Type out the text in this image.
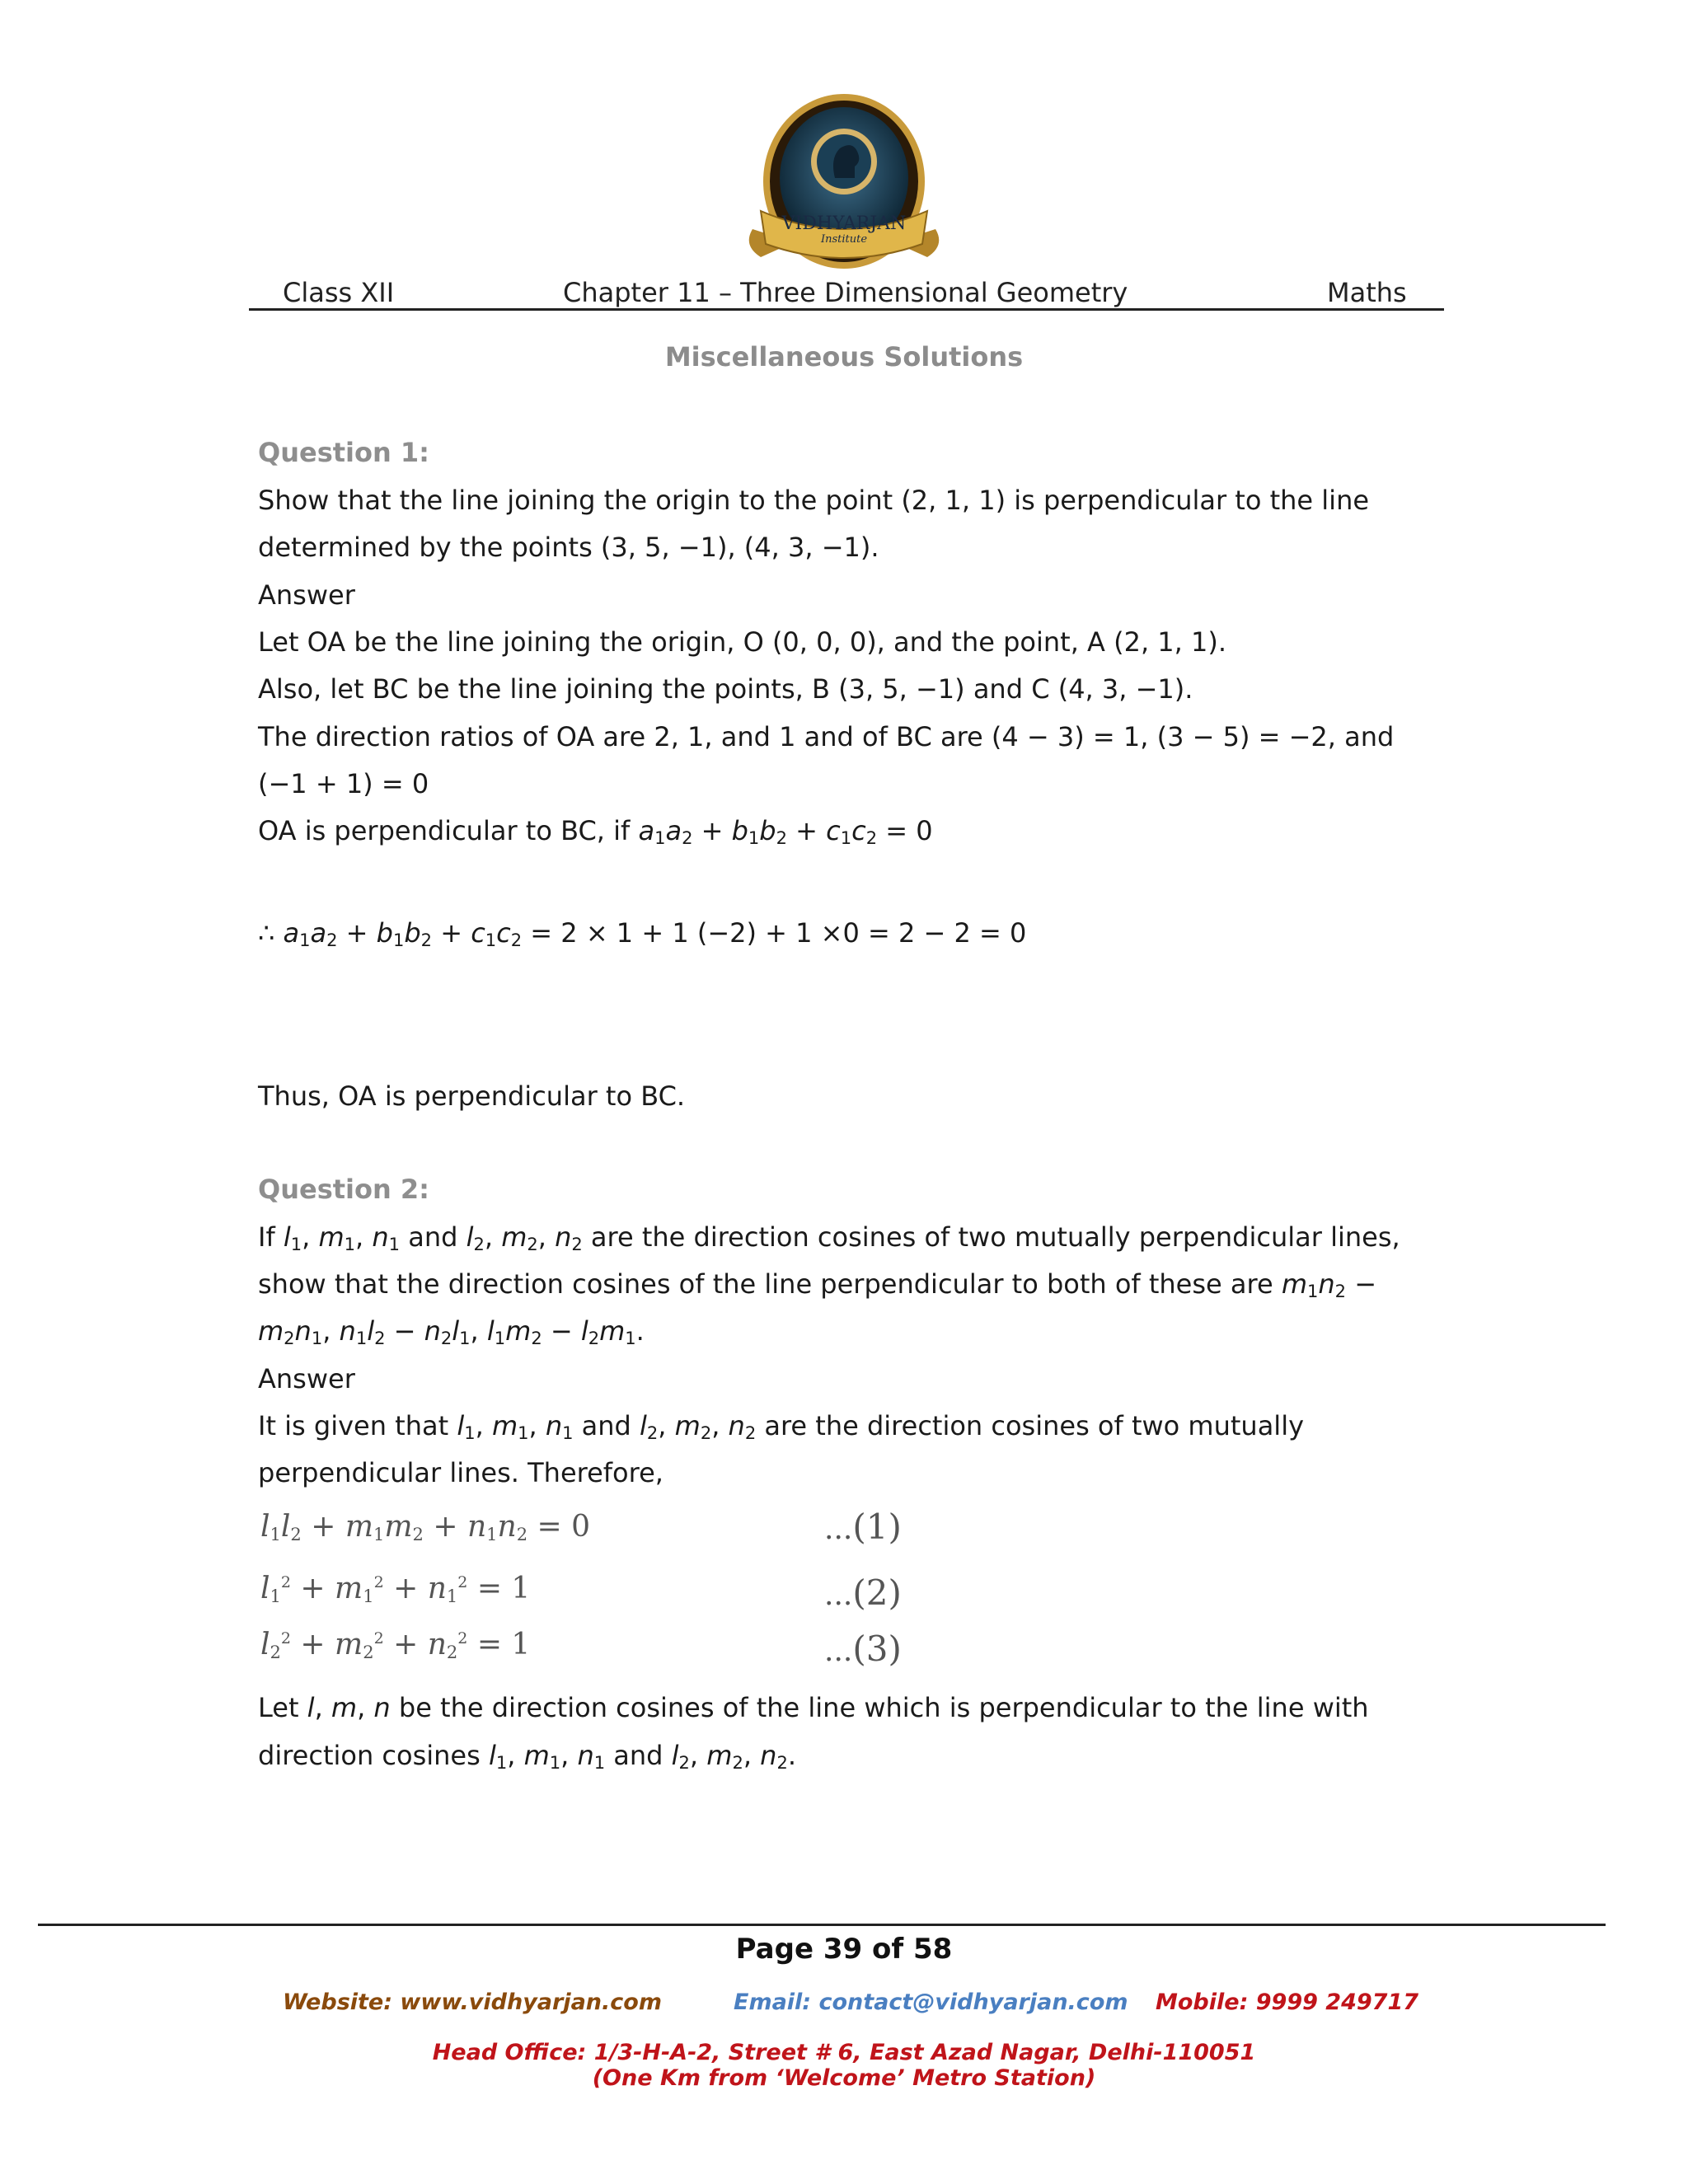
VIDHYARJAN
Institute
Class XII	Chapter 11 – Three Dimensional Geometry	Maths
Miscellaneous Solutions
Question 1:
Show that the line joining the origin to the point (2, 1, 1) is perpendicular to the line
determined by the points (3, 5, −1), (4, 3, −1).
Answer
Let OA be the line joining the origin, O (0, 0, 0), and the point, A (2, 1, 1).
Also, let BC be the line joining the points, B (3, 5, −1) and C (4, 3, −1).
The direction ratios of OA are 2, 1, and 1 and of BC are (4 − 3) = 1, (3 − 5) = −2, and
(−1 + 1) = 0
OA is perpendicular to BC, if $a_1a_2 + b_1b_2 + c_1c_2 = 0$
∴ $a_1a_2 + b_1b_2 + c_1c_2 = 2 \times 1 + 1$ (−2) + 1 ×0 = 2 − 2 = 0
Thus, OA is perpendicular to BC.
Question 2:
If $l_1$, $m_1$, $n_1$ and $l_2$, $m_2$, $n_2$ are the direction cosines of two mutually perpendicular lines,
show that the direction cosines of the line perpendicular to both of these are $m_1n_2$ −
$m_2n_1$, $n_1l_2 - n_2l_1$, $l_1m_2 - l_2m_1$.
Answer
It is given that $l_1$, $m_1$, $n_1$ and $l_2$, $m_2$, $n_2$ are the direction cosines of two mutually
perpendicular lines. Therefore,
$l_1l_2 + m_1m_2 + n_1n_2 = 0$	...(1)
$l_1^2 + m_1^2 + n_1^2 = 1$	...(2)
$l_2^2 + m_2^2 + n_2^2 = 1$	...(3)
Let l, m, n be the direction cosines of the line which is perpendicular to the line with
direction cosines $l_1$, $m_1$, $n_1$ and $l_2$, $m_2$, $n_2$.
Page 39 of 58
Website: www.vidhyarjan.com	Email: contact@vidhyarjan.com Mobile: 9999 249717
Head Office: 1/3-H-A-2, Street # 6, East Azad Nagar, Delhi-110051
(One Km from ‘Welcome’ Metro Station)
